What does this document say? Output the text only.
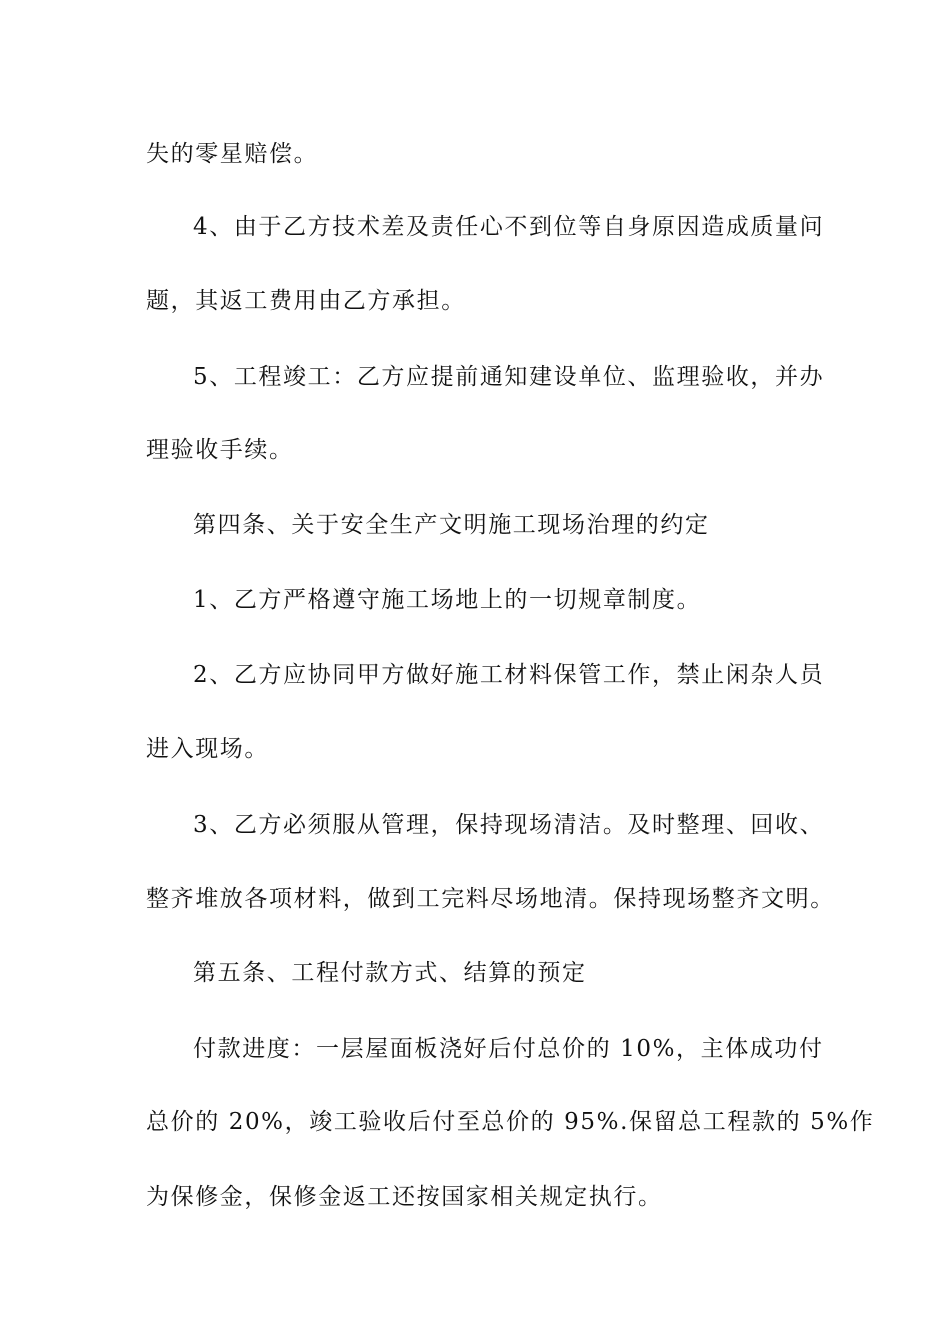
失的零星赔偿。
4、由于乙方技术差及责任心不到位等自身原因造成质量问
题，其返工费用由乙方承担。
5、工程竣工：乙方应提前通知建设单位、监理验收，并办
理验收手续。
第四条、关于安全生产文明施工现场治理的约定
1、乙方严格遵守施工场地上的一切规章制度。
2、乙方应协同甲方做好施工材料保管工作，禁止闲杂人员
进入现场。
3、乙方必须服从管理，保持现场清洁。及时整理、回收、
整齐堆放各项材料，做到工完料尽场地清。保持现场整齐文明。
第五条、工程付款方式、结算的预定
付款进度：一层屋面板浇好后付总价的 10%，主体成功付
总价的 20%，竣工验收后付至总价的 95%.保留总工程款的 5%作
为保修金，保修金返工还按国家相关规定执行。
